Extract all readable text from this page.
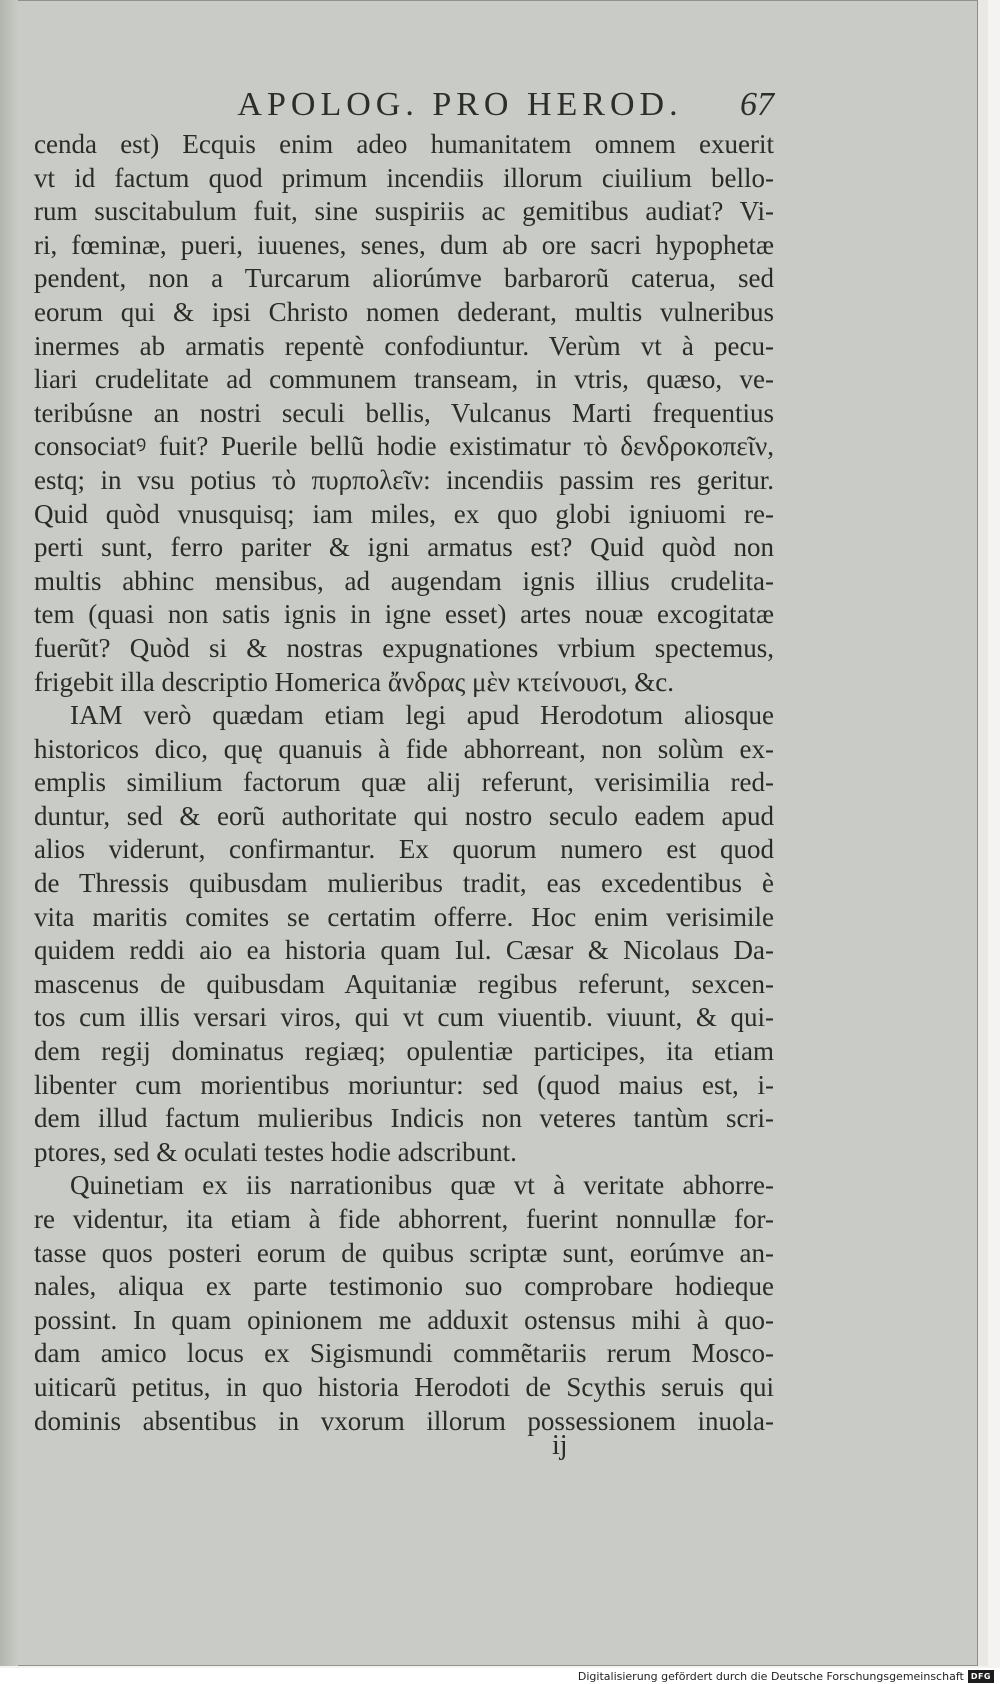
APOLOG. PRO HEROD.	67
cenda est) Ecquis enim adeo humanitatem omnem exuerit
vt id factum quod primum incendiis illorum ciuilium bello-
rum suscitabulum fuit, sine suspiriis ac gemitibus audiat? Vi-
ri, fœminæ, pueri, iuuenes, senes, dum ab ore sacri hypophetæ
pendent, non a Turcarum aliorúmve barbarorũ caterua, sed
eorum qui & ipsi Christo nomen dederant, multis vulneribus
inermes ab armatis repentè confodiuntur. Verùm vt à pecu-
liari crudelitate ad communem transeam, in vtris, quæso, ve-
teribúsne an nostri seculi bellis, Vulcanus Marti frequentius
consociatꝰ fuit? Puerile bellũ hodie existimatur τὸ δενδροκοπεῖν,
estq; in vsu potius τὸ πυρπολεῖν: incendiis passim res geritur.
Quid quòd vnusquisq; iam miles, ex quo globi igniuomi re-
perti sunt, ferro pariter & igni armatus est? Quid quòd non
multis abhinc mensibus, ad augendam ignis illius crudelita-
tem (quasi non satis ignis in igne esset) artes nouæ excogitatæ
fuerũt? Quòd si & nostras expugnationes vrbium spectemus,
frigebit illa descriptio Homerica ἄνδρας μὲν κτείνουσι, &c.
IAM verò quædam etiam legi apud Herodotum aliosque
historicos dico, quę quanuis à fide abhorreant, non solùm ex-
emplis similium factorum quæ alij referunt, verisimilia red-
duntur, sed & eorũ authoritate qui nostro seculo eadem apud
alios viderunt, confirmantur. Ex quorum numero est quod
de Thressis quibusdam mulieribus tradit, eas excedentibus è
vita maritis comites se certatim offerre. Hoc enim verisimile
quidem reddi aio ea historia quam Iul. Cæsar & Nicolaus Da-
mascenus de quibusdam Aquitaniæ regibus referunt, sexcen-
tos cum illis versari viros, qui vt cum viuentib. viuunt, & qui-
dem regij dominatus regiæq; opulentiæ participes, ita etiam
libenter cum morientibus moriuntur: sed (quod maius est, i-
dem illud factum mulieribus Indicis non veteres tantùm scri-
ptores, sed & oculati testes hodie adscribunt.
Quinetiam ex iis narrationibus quæ vt à veritate abhorre-
re videntur, ita etiam à fide abhorrent, fuerint nonnullæ for-
tasse quos posteri eorum de quibus scriptæ sunt, eorúmve an-
nales, aliqua ex parte testimonio suo comprobare hodieque
possint. In quam opinionem me adduxit ostensus mihi à quo-
dam amico locus ex Sigismundi commẽtariis rerum Mosco-
uiticarũ petitus, in quo historia Herodoti de Scythis seruis qui
dominis absentibus in vxorum illorum possessionem inuola-
ij
Digitalisierung gefördert durch die Deutsche Forschungsgemeinschaft DFG
